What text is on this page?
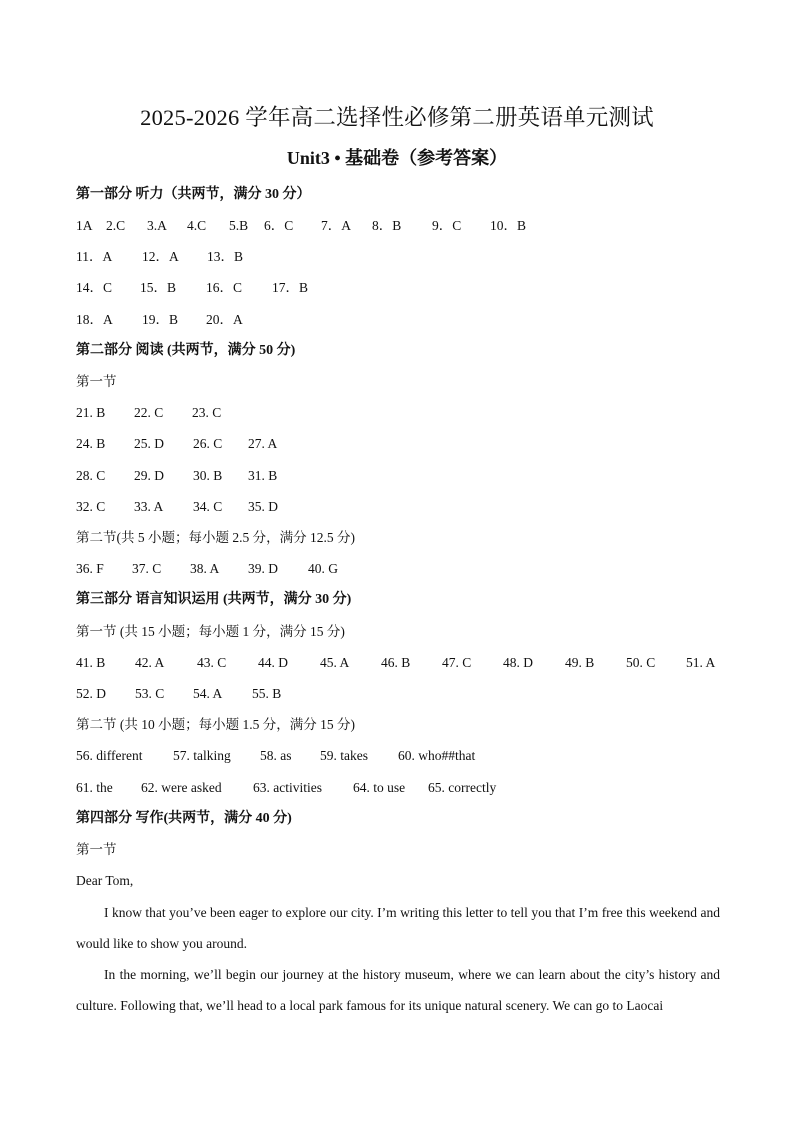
2025-2026 学年高二选择性必修第二册英语单元测试
Unit3 • 基础卷（参考答案）
第一部分 听力（共两节，满分 30 分）
1A 2.C 3.A 4.C 5.B 6．C 7．A 8．B 9．C 10．B
11．A 12．A 13．B
14．C 15．B 16．C 17．B
18．A 19．B 20．A
第二部分 阅读 (共两节，满分 50 分)
第一节
21. B 22. C 23. C
24. B 25. D 26. C 27. A
28. C 29. D 30. B 31. B
32. C 33. A 34. C 35. D
第二节(共 5 小题；每小题 2.5 分，满分 12.5 分)
36. F 37. C 38. A 39. D 40. G
第三部分 语言知识运用 (共两节，满分 30 分)
第一节 (共 15 小题；每小题 1 分，满分 15 分)
41. B 42. A 43. C 44. D 45. A 46. B 47. C 48. D 49. B 50. C 51. A
52. D 53. C 54. A 55. B
第二节 (共 10 小题；每小题 1.5 分，满分 15 分)
56. different 57. talking 58. as 59. takes 60. who##that
61. the 62. were asked 63. activities 64. to use 65. correctly
第四部分 写作(共两节，满分 40 分)
第一节
Dear Tom,
I know that you’ve been eager to explore our city. I’m writing this letter to tell you that I’m free this weekend and would like to show you around.
In the morning, we’ll begin our journey at the history museum, where we can learn about the city’s history and culture. Following that, we’ll head to a local park famous for its unique natural scenery. We can go to Laocai
